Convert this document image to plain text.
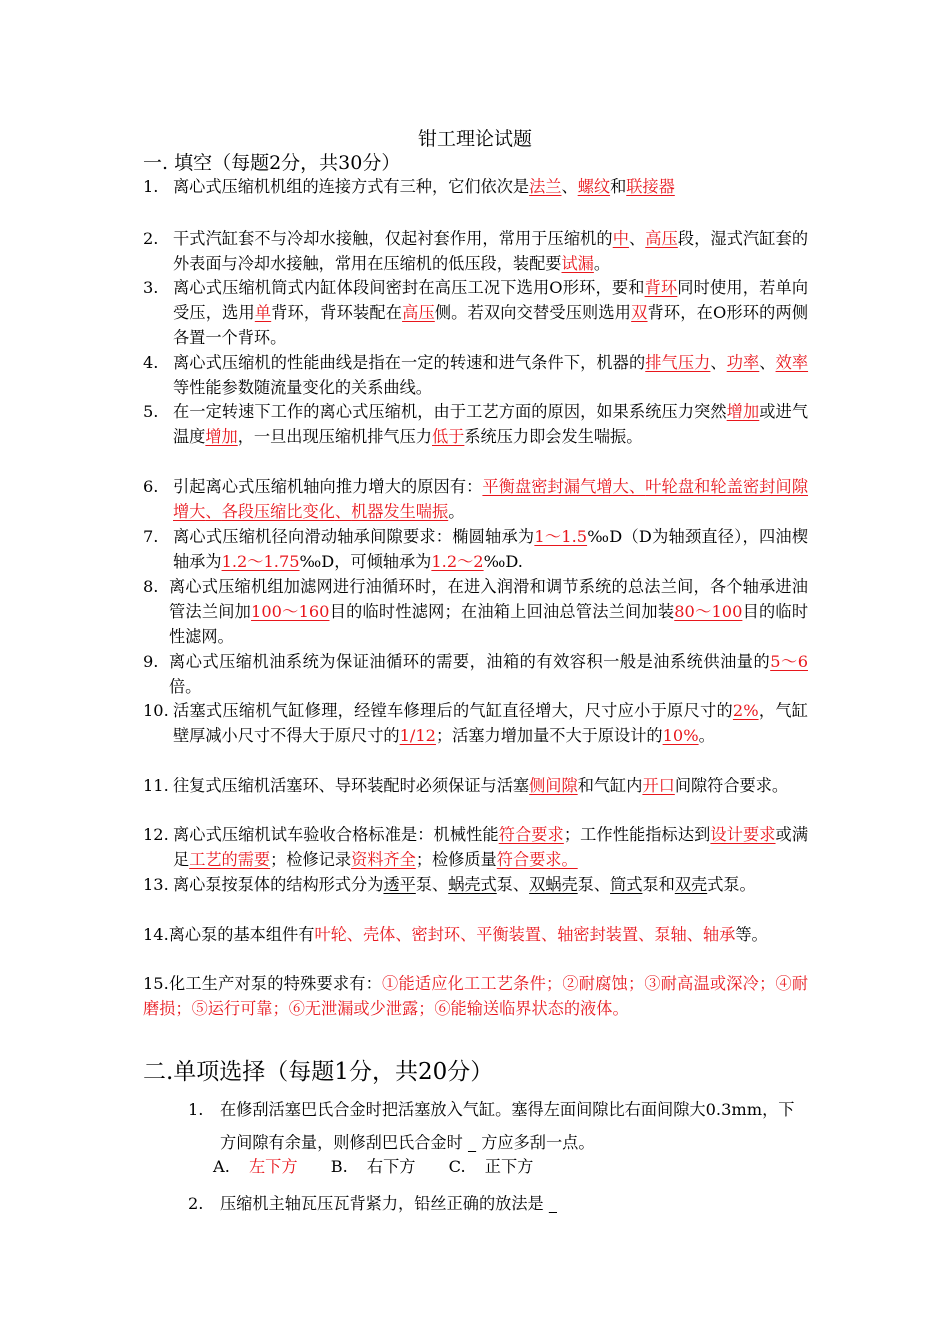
钳工理论试题
一. 填空（每题2分，共30分）
1. 离心式压缩机机组的连接方式有三种，它们依次是法兰、螺纹和联接器
2. 干式汽缸套不与冷却水接触，仅起衬套作用，常用于压缩机的中、高压段，湿式汽缸套的外表面与冷却水接触，常用在压缩机的低压段，装配要试漏。
3. 离心式压缩机筒式内缸体段间密封在高压工况下选用O形环，要和背环同时使用，若单向受压，选用单背环，背环装配在高压侧。若双向交替受压则选用双背环，在O形环的两侧各置一个背环。
4. 离心式压缩机的性能曲线是指在一定的转速和进气条件下，机器的排气压力、功率、效率等性能参数随流量变化的关系曲线。
5. 在一定转速下工作的离心式压缩机，由于工艺方面的原因，如果系统压力突然增加或进气温度增加，一旦出现压缩机排气压力低于系统压力即会发生喘振。
6. 引起离心式压缩机轴向推力增大的原因有：平衡盘密封漏气增大、叶轮盘和轮盖密封间隙增大、各段压缩比变化、机器发生喘振。
7. 离心式压缩机径向滑动轴承间隙要求：椭圆轴承为1～1.5‰D（D为轴颈直径），四油楔轴承为1.2～1.75‰D，可倾轴承为1.2～2‰D.
8. 离心式压缩机组加滤网进行油循环时，在进入润滑和调节系统的总法兰间，各个轴承进油管法兰间加100～160目的临时性滤网；在油箱上回油总管法兰间加装80～100目的临时性滤网。
9. 离心式压缩机油系统为保证油循环的需要，油箱的有效容积一般是油系统供油量的5～6倍。
10. 活塞式压缩机气缸修理，经镗车修理后的气缸直径增大，尺寸应小于原尺寸的2%，气缸壁厚减小尺寸不得大于原尺寸的1/12；活塞力增加量不大于原设计的10%。
11. 往复式压缩机活塞环、导环装配时必须保证与活塞侧间隙和气缸内开口间隙符合要求。
12. 离心式压缩机试车验收合格标准是：机械性能符合要求；工作性能指标达到设计要求或满足工艺的需要；检修记录资料齐全；检修质量符合要求。
13. 离心泵按泵体的结构形式分为透平泵、蜗壳式泵、双蜗壳泵、筒式泵和双壳式泵。
14.离心泵的基本组件有叶轮、壳体、密封环、平衡装置、轴密封装置、泵轴、轴承等。
15.化工生产对泵的特殊要求有：①能适应化工工艺条件；②耐腐蚀；③耐高温或深冷；④耐磨损；⑤运行可靠；⑥无泄漏或少泄露；⑥能输送临界状态的液体。
二.单项选择（每题1分，共20分）
1.	在修刮活塞巴氏合金时把活塞放入气缸。塞得左面间隙比右面间隙大0.3mm，下方间隙有余量，则修刮巴氏合金时 _ 方应多刮一点。
A. 左下方 B. 右下方 C. 正下方
2.	压缩机主轴瓦压瓦背紧力，铅丝正确的放法是 _
